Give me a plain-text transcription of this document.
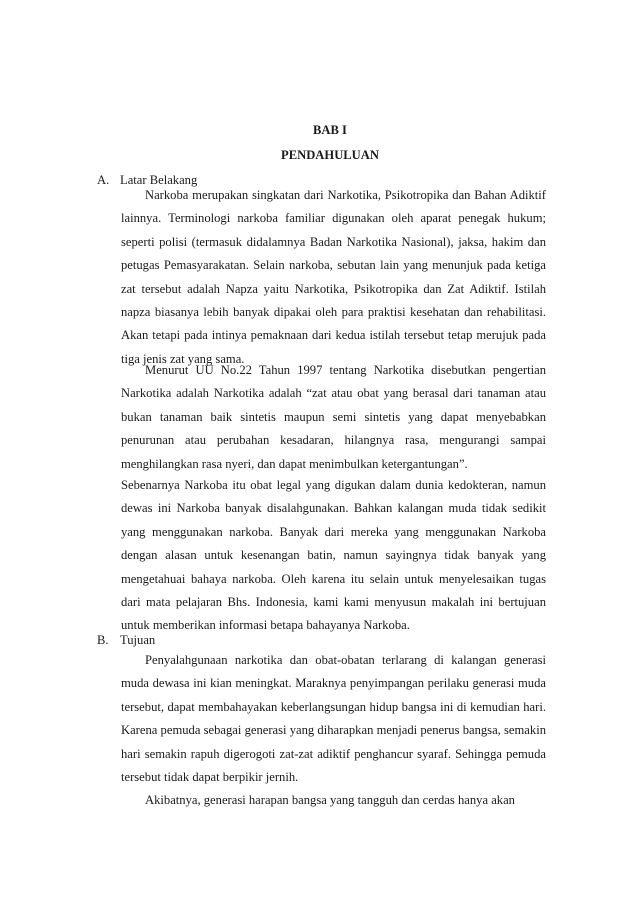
BAB I
PENDAHULUAN
A. Latar Belakang

Narkoba merupakan singkatan dari Narkotika, Psikotropika dan Bahan Adiktif lainnya. Terminologi narkoba familiar digunakan oleh aparat penegak hukum; seperti polisi (termasuk didalamnya Badan Narkotika Nasional), jaksa, hakim dan petugas Pemasyarakatan. Selain narkoba, sebutan lain yang menunjuk pada ketiga zat tersebut adalah Napza yaitu Narkotika, Psikotropika dan Zat Adiktif. Istilah napza biasanya lebih banyak dipakai oleh para praktisi kesehatan dan rehabilitasi. Akan tetapi pada intinya pemaknaan dari kedua istilah tersebut tetap merujuk pada tiga jenis zat yang sama.

Menurut UU No.22 Tahun 1997 tentang Narkotika disebutkan pengertian Narkotika adalah Narkotika adalah “zat atau obat yang berasal dari tanaman atau bukan tanaman baik sintetis maupun semi sintetis yang dapat menyebabkan penurunan atau perubahan kesadaran, hilangnya rasa, mengurangi sampai menghilangkan rasa nyeri, dan dapat menimbulkan ketergantungan”.

Sebenarnya Narkoba itu obat legal yang digukan dalam dunia kedokteran, namun dewas ini Narkoba banyak disalahgunakan. Bahkan kalangan muda tidak sedikit yang menggunakan narkoba. Banyak dari mereka yang menggunakan Narkoba dengan alasan untuk kesenangan batin, namun sayingnya tidak banyak yang mengetahuai bahaya narkoba. Oleh karena itu selain untuk menyelesaikan tugas dari mata pelajaran Bhs. Indonesia, kami kami menyusun makalah ini bertujuan untuk memberikan informasi betapa bahayanya Narkoba.

B. Tujuan

Penyalahgunaan narkotika dan obat-obatan terlarang di kalangan generasi muda dewasa ini kian meningkat. Maraknya penyimpangan perilaku generasi muda tersebut, dapat membahayakan keberlangsungan hidup bangsa ini di kemudian hari. Karena pemuda sebagai generasi yang diharapkan menjadi penerus bangsa, semakin hari semakin rapuh digerogoti zat-zat adiktif penghancur syaraf. Sehingga pemuda tersebut tidak dapat berpikir jernih.

Akibatnya, generasi harapan bangsa yang tangguh dan cerdas hanya akan
